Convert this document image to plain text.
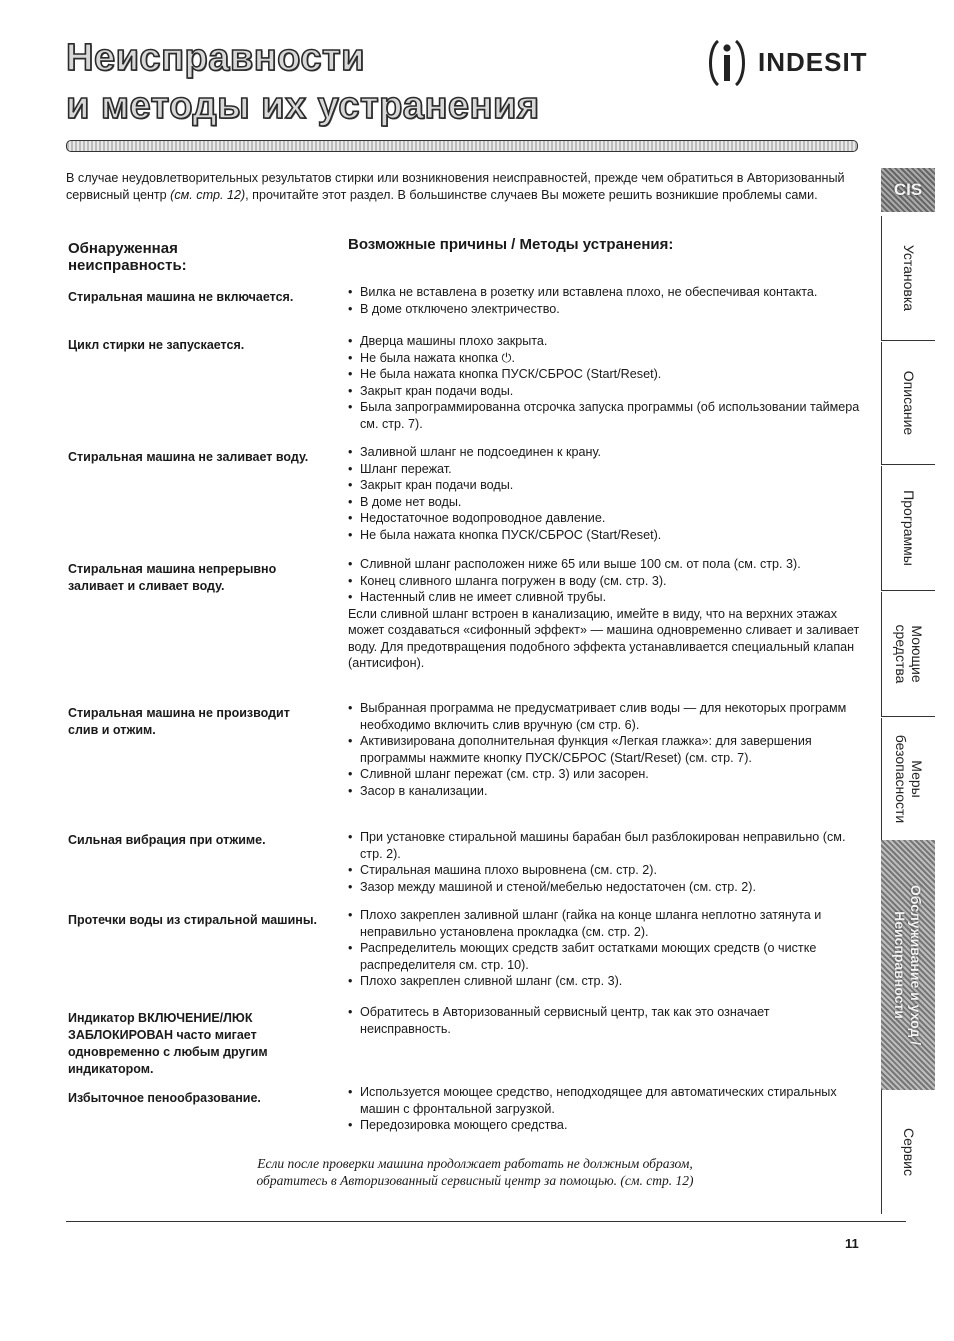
Неисправности
и методы их устранения
INDESIT

В случае неудовлетворительных результатов стирки или возникновения неисправностей, прежде чем обратиться в Авторизованный сервисный центр (см. стр. 12), прочитайте этот раздел. В большинстве случаев Вы можете решить возникшие проблемы сами.

Обнаруженная неисправность:
Возможные причины / Методы устранения:

Стиральная машина не включается.	• Вилка не вставлена в розетку или вставлена плохо, не обеспечивая контакта.
• В доме отключено электричество.

Цикл стирки не запускается.	• Дверца машины плохо закрыта.
• Не была нажата кнопка ⏻.
• Не была нажата кнопка ПУСК/СБРОС (Start/Reset).
• Закрыт кран подачи воды.
• Была запрограммированна отсрочка запуска программы (об использовании таймера см. стр. 7).

Стиральная машина не заливает воду.	• Заливной шланг не подсоединен к крану.
• Шланг пережат.
• Закрыт кран подачи воды.
• В доме нет воды.
• Недостаточное водопроводное давление.
• Не была нажата кнопка ПУСК/СБРОС (Start/Reset).

Стиральная машина непрерывно заливает и сливает воду.

• Сливной шланг расположен ниже 65 или выше 100 см. от пола (см. стр. 3).
• Конец сливного шланга погружен в воду (см. стр. 3).
• Настенный слив не имеет сливной трубы.
Если сливной шланг встроен в канализацию, имейте в виду, что на верхних этажах может создаваться «сифонный эффект» — машина одновременно сливает и заливает воду. Для предотвращения подобного эффекта устанавливается специальный клапан (антисифон).

Стиральная машина не производит слив и отжим.

• Выбранная программа не предусматривает слив воды — для некоторых программ необходимо включить слив вручную (см стр. 6).
• Активизирована дополнительная функция «Легкая глажка»: для завершения программы нажмите кнопку ПУСК/СБРОС (Start/Reset) (см. стр. 7).
• Сливной шланг пережат (см. стр. 3) или засорен.
• Засор в канализации.

Сильная вибрация при отжиме.	• При установке стиральной машины барабан был разблокирован неправильно (см. стр. 2).
• Стиральная машина плохо выровнена (см. стр. 2).
• Зазор между машиной и стеной/мебелью недостаточен (см. стр. 2).

Протечки воды из стиральной машины.	• Плохо закреплен заливной шланг (гайка на конце шланга неплотно затянута и неправильно установлена прокладка (см. стр. 2).
• Распределитель моющих средств забит остатками моющих средств (о чистке распределителя см. стр. 10).
• Плохо закреплен сливной шланг (см. стр. 3).

Индикатор ВКЛЮЧЕНИЕ/ЛЮК ЗАБЛОКИРОВАН часто мигает одновременно с любым другим индикатором.

• Обратитесь в Авторизованный сервисный центр, так как это означает неисправность.

Избыточное пенообразование.	• Используется моющее средство, неподходящее для автоматических стиральных машин с фронтальной загрузкой.
• Передозировка моющего средства.

Если после проверки машина продолжает работать не должным образом,
обратитесь в Авторизованный сервисный центр за помощью. (см. стр. 12)

11
CIS
Установка
Описание
Программы
Моющие средства
Меры безопасности
Обслуживание и уход / Неисправности
Сервис
